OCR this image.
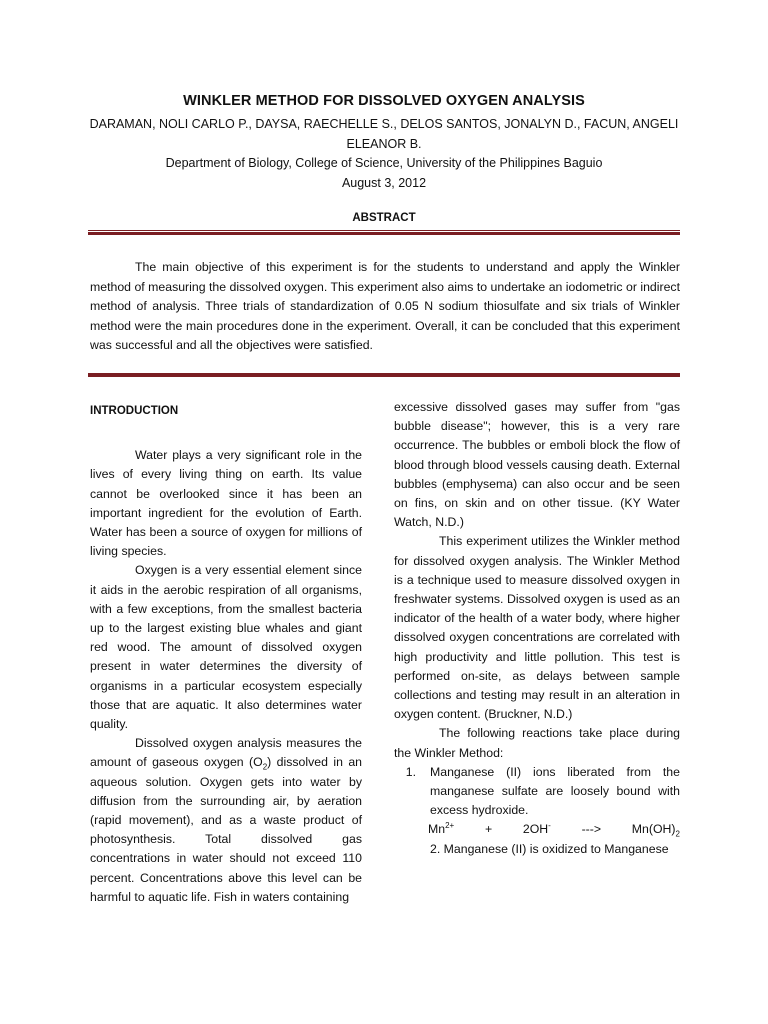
WINKLER METHOD FOR DISSOLVED OXYGEN ANALYSIS
DARAMAN, NOLI CARLO P., DAYSA, RAECHELLE S., DELOS SANTOS, JONALYN D., FACUN, ANGELI
ELEANOR B.
Department of Biology, College of Science, University of the Philippines Baguio
August 3, 2012
ABSTRACT

The main objective of this experiment is for the students to understand and apply the Winkler method of measuring the dissolved oxygen. This experiment also aims to undertake an iodometric or indirect method of analysis. Three trials of standardization of 0.05 N sodium thiosulfate and six trials of Winkler method were the main procedures done in the experiment. Overall, it can be concluded that this experiment was successful and all the objectives were satisfied.

INTRODUCTION

Water plays a very significant role in the lives of every living thing on earth. Its value cannot be overlooked since it has been an important ingredient for the evolution of Earth. Water has been a source of oxygen for millions of living species.

Oxygen is a very essential element since it aids in the aerobic respiration of all organisms, with a few exceptions, from the smallest bacteria up to the largest existing blue whales and giant red wood. The amount of dissolved oxygen present in water determines the diversity of organisms in a particular ecosystem especially those that are aquatic. It also determines water quality.

Dissolved oxygen analysis measures the amount of gaseous oxygen $(O_2)$ dissolved in an aqueous solution. Oxygen gets into water by diffusion from the surrounding air, by aeration (rapid movement), and as a waste product of photosynthesis. Total dissolved gas concentrations in water should not exceed 110 percent. Concentrations above this level can be harmful to aquatic life. Fish in waters containing

excessive dissolved gases may suffer from "gas bubble disease"; however, this is a very rare occurrence. The bubbles or emboli block the flow of blood through blood vessels causing death. External bubbles (emphysema) can also occur and be seen on fins, on skin and on other tissue. (KY Water Watch, N.D.)

This experiment utilizes the Winkler method for dissolved oxygen analysis. The Winkler Method is a technique used to measure dissolved oxygen in freshwater systems. Dissolved oxygen is used as an indicator of the health of a water body, where higher dissolved oxygen concentrations are correlated with high productivity and little pollution. This test is performed on-site, as delays between sample collections and testing may result in an alteration in oxygen content. (Bruckner, N.D.)

The following reactions take place during the Winkler Method:

1.	Manganese (II) ions liberated from the manganese sulfate are loosely bound with excess hydroxide.
$Mn^{2+} + 2OH^-$ ---> $Mn(OH)_2$

2. Manganese (II) is oxidized to Manganese
